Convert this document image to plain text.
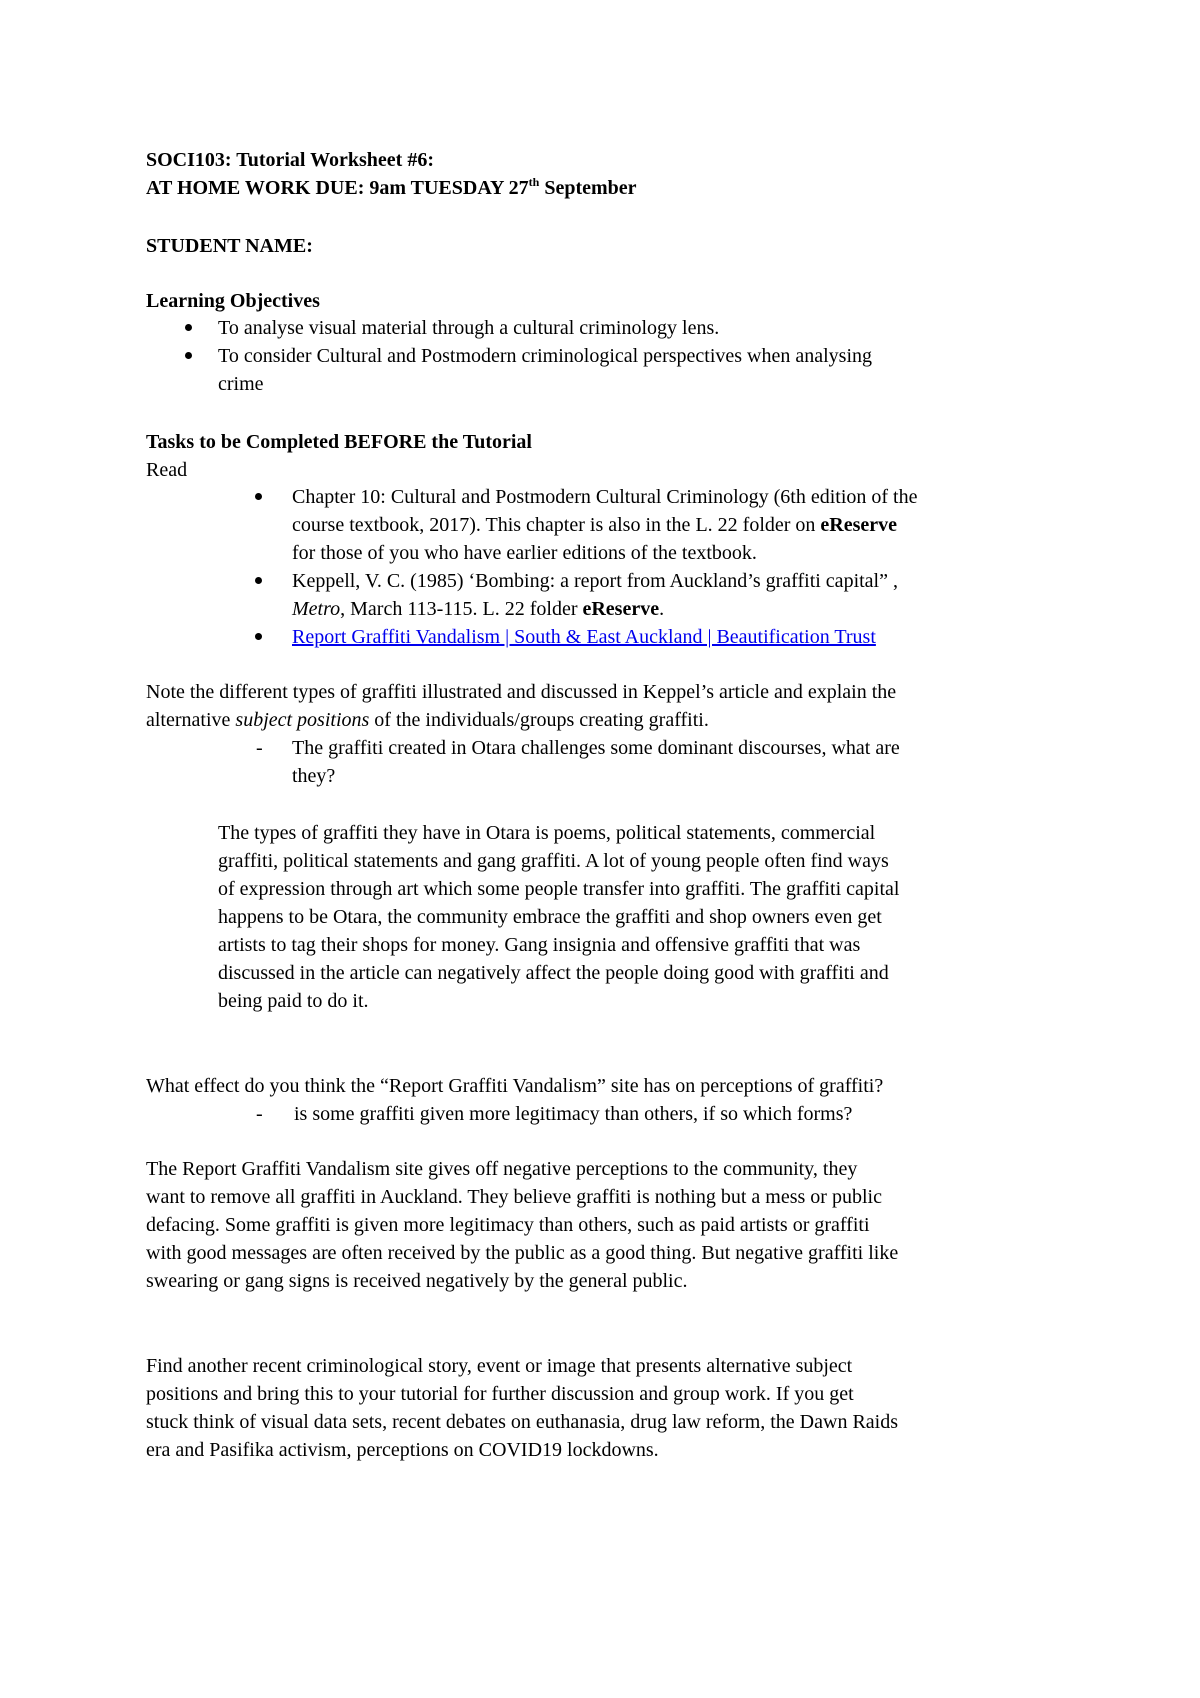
SOCI103: Tutorial Worksheet #6:
AT HOME WORK DUE: 9am TUESDAY 27th September
STUDENT NAME:
Learning Objectives
To analyse visual material through a cultural criminology lens.
To consider Cultural and Postmodern criminological perspectives when analysing
crime
Tasks to be Completed BEFORE the Tutorial
Read
Chapter 10: Cultural and Postmodern Cultural Criminology (6th edition of the
course textbook, 2017). This chapter is also in the L. 22 folder on eReserve
for those of you who have earlier editions of the textbook.
Keppell, V. C. (1985) ‘Bombing: a report from Auckland’s graffiti capital” ,
Metro, March 113-115. L. 22 folder eReserve.
Report Graffiti Vandalism | South & East Auckland | Beautification Trust
Note the different types of graffiti illustrated and discussed in Keppel’s article and explain the
alternative subject positions of the individuals/groups creating graffiti.
- The graffiti created in Otara challenges some dominant discourses, what are
they?
The types of graffiti they have in Otara is poems, political statements, commercial
graffiti, political statements and gang graffiti. A lot of young people often find ways
of expression through art which some people transfer into graffiti. The graffiti capital
happens to be Otara, the community embrace the graffiti and shop owners even get
artists to tag their shops for money. Gang insignia and offensive graffiti that was
discussed in the article can negatively affect the people doing good with graffiti and
being paid to do it.
What effect do you think the “Report Graffiti Vandalism” site has on perceptions of graffiti?
- is some graffiti given more legitimacy than others, if so which forms?
The Report Graffiti Vandalism site gives off negative perceptions to the community, they
want to remove all graffiti in Auckland. They believe graffiti is nothing but a mess or public
defacing. Some graffiti is given more legitimacy than others, such as paid artists or graffiti
with good messages are often received by the public as a good thing. But negative graffiti like
swearing or gang signs is received negatively by the general public.
Find another recent criminological story, event or image that presents alternative subject
positions and bring this to your tutorial for further discussion and group work. If you get
stuck think of visual data sets, recent debates on euthanasia, drug law reform, the Dawn Raids
era and Pasifika activism, perceptions on COVID19 lockdowns.
